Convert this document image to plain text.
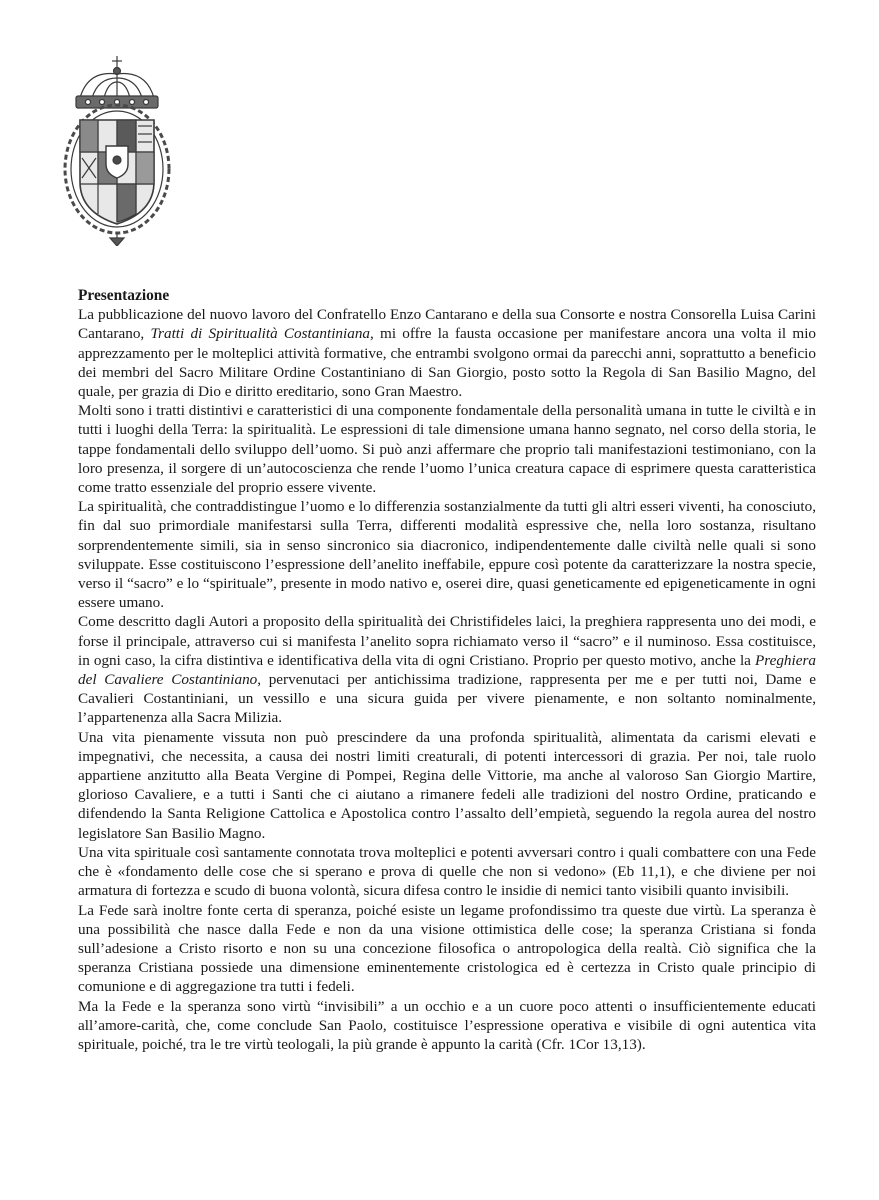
Presentazione

La pubblicazione del nuovo lavoro del Confratello Enzo Cantarano e della sua Consorte e nostra Consorella Luisa Carini Cantarano, Tratti di Spiritualità Costantiniana, mi offre la fausta occasione per manifestare ancora una volta il mio apprezzamento per le molteplici attività formative, che entrambi svolgono ormai da parecchi anni, soprattutto a beneficio dei membri del Sacro Militare Ordine Costantiniano di San Giorgio, posto sotto la Regola di San Basilio Magno, del quale, per grazia di Dio e diritto ereditario, sono Gran Maestro.

Molti sono i tratti distintivi e caratteristici di una componente fondamentale della personalità umana in tutte le civiltà e in tutti i luoghi della Terra: la spiritualità. Le espressioni di tale dimensione umana hanno segnato, nel corso della storia, le tappe fondamentali dello sviluppo dell’uomo. Si può anzi affermare che proprio tali manifestazioni testimoniano, con la loro presenza, il sorgere di un’autocoscienza che rende l’uomo l’unica creatura capace di esprimere questa caratteristica come tratto essenziale del proprio essere vivente.

La spiritualità, che contraddistingue l’uomo e lo differenzia sostanzialmente da tutti gli altri esseri viventi, ha conosciuto, fin dal suo primordiale manifestarsi sulla Terra, differenti modalità espressive che, nella loro sostanza, risultano sorprendentemente simili, sia in senso sincronico sia diacronico, indipendentemente dalle civiltà nelle quali si sono sviluppate. Esse costituiscono l’espressione dell’anelito ineffabile, eppure così potente da caratterizzare la nostra specie, verso il “sacro” e lo “spirituale”, presente in modo nativo e, oserei dire, quasi geneticamente ed epigeneticamente in ogni essere umano.

Come descritto dagli Autori a proposito della spiritualità dei Christifideles laici, la preghiera rappresenta uno dei modi, e forse il principale, attraverso cui si manifesta l’anelito sopra richiamato verso il “sacro” e il numinoso. Essa costituisce, in ogni caso, la cifra distintiva e identificativa della vita di ogni Cristiano. Proprio per questo motivo, anche la Preghiera del Cavaliere Costantiniano, pervenutaci per antichissima tradizione, rappresenta per me e per tutti noi, Dame e Cavalieri Costantiniani, un vessillo e una sicura guida per vivere pienamente, e non soltanto nominalmente, l’appartenenza alla Sacra Milizia.

Una vita pienamente vissuta non può prescindere da una profonda spiritualità, alimentata da carismi elevati e impegnativi, che necessita, a causa dei nostri limiti creaturali, di potenti intercessori di grazia. Per noi, tale ruolo appartiene anzitutto alla Beata Vergine di Pompei, Regina delle Vittorie, ma anche al valoroso San Giorgio Martire, glorioso Cavaliere, e a tutti i Santi che ci aiutano a rimanere fedeli alle tradizioni del nostro Ordine, praticando e difendendo la Santa Religione Cattolica e Apostolica contro l’assalto dell’empietà, seguendo la regola aurea del nostro legislatore San Basilio Magno.

Una vita spirituale così santamente connotata trova molteplici e potenti avversari contro i quali combattere con una Fede che è «fondamento delle cose che si sperano e prova di quelle che non si vedono» (Eb 11,1), e che diviene per noi armatura di fortezza e scudo di buona volontà, sicura difesa contro le insidie di nemici tanto visibili quanto invisibili.

La Fede sarà inoltre fonte certa di speranza, poiché esiste un legame profondissimo tra queste due virtù. La speranza è una possibilità che nasce dalla Fede e non da una visione ottimistica delle cose; la speranza Cristiana si fonda sull’adesione a Cristo risorto e non su una concezione filosofica o antropologica della realtà. Ciò significa che la speranza Cristiana possiede una dimensione eminentemente cristologica ed è certezza in Cristo quale principio di comunione e di aggregazione tra tutti i fedeli.

Ma la Fede e la speranza sono virtù “invisibili” a un occhio e a un cuore poco attenti o insufficientemente educati all’amore-carità, che, come conclude San Paolo, costituisce l’espressione operativa e visibile di ogni autentica vita spirituale, poiché, tra le tre virtù teologali, la più grande è appunto la carità (Cfr. 1Cor 13,13).
